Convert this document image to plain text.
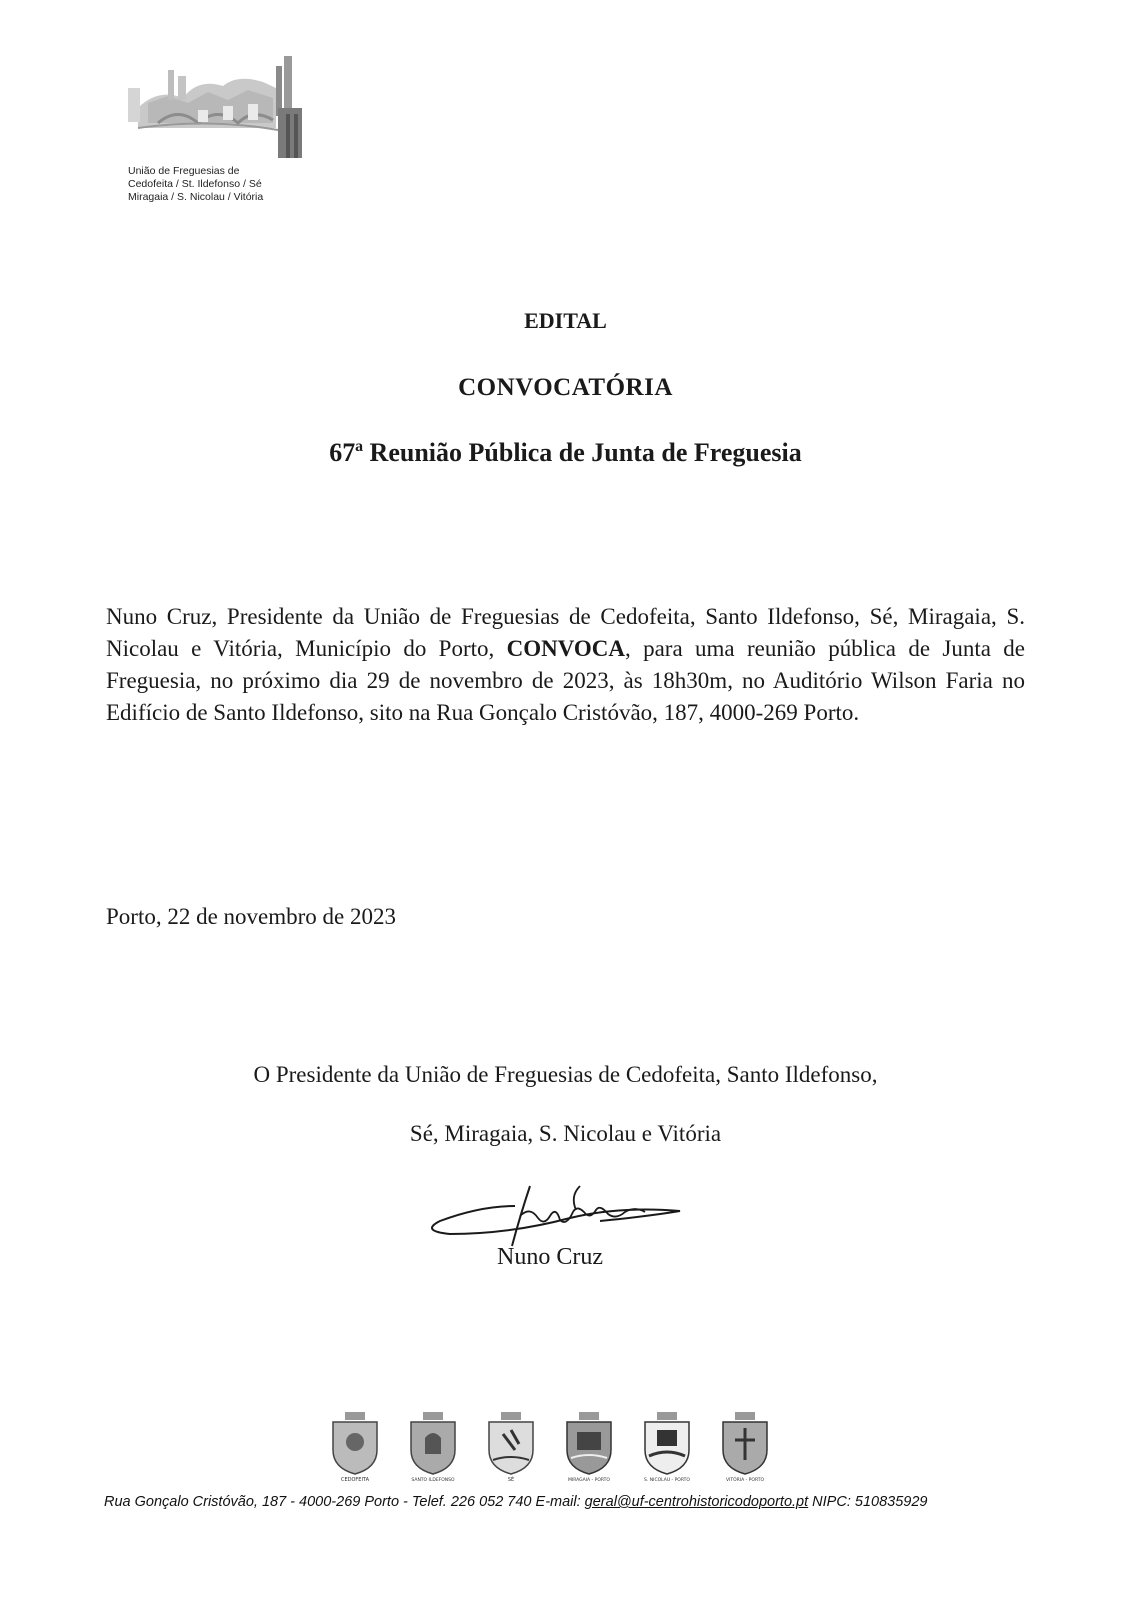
União de Freguesias de
Cedofeita / St. Ildefonso / Sé
Miragaia / S. Nicolau / Vitória
EDITAL
CONVOCATÓRIA
67ª Reunião Pública de Junta de Freguesia
Nuno Cruz, Presidente da União de Freguesias de Cedofeita, Santo Ildefonso, Sé, Miragaia, S. Nicolau e Vitória, Município do Porto, CONVOCA, para uma reunião pública de Junta de Freguesia, no próximo dia 29 de novembro de 2023, às 18h30m, no Auditório Wilson Faria no Edifício de Santo Ildefonso, sito na Rua Gonçalo Cristóvão, 187, 4000-269 Porto.
Porto, 22 de novembro de 2023
O Presidente da União de Freguesias de Cedofeita, Santo Ildefonso,
Sé, Miragaia, S. Nicolau e Vitória
Nuno Cruz
CEDOFEITA	SANTO ILDEFONSO	SÉ	MIRAGAIA - PORTO	S. NICOLAU - PORTO	VITÓRIA - PORTO
Rua Gonçalo Cristóvão, 187 - 4000-269 Porto - Telef. 226 052 740 E-mail: geral@uf-centrohistoricodoporto.pt NIPC: 510835929
